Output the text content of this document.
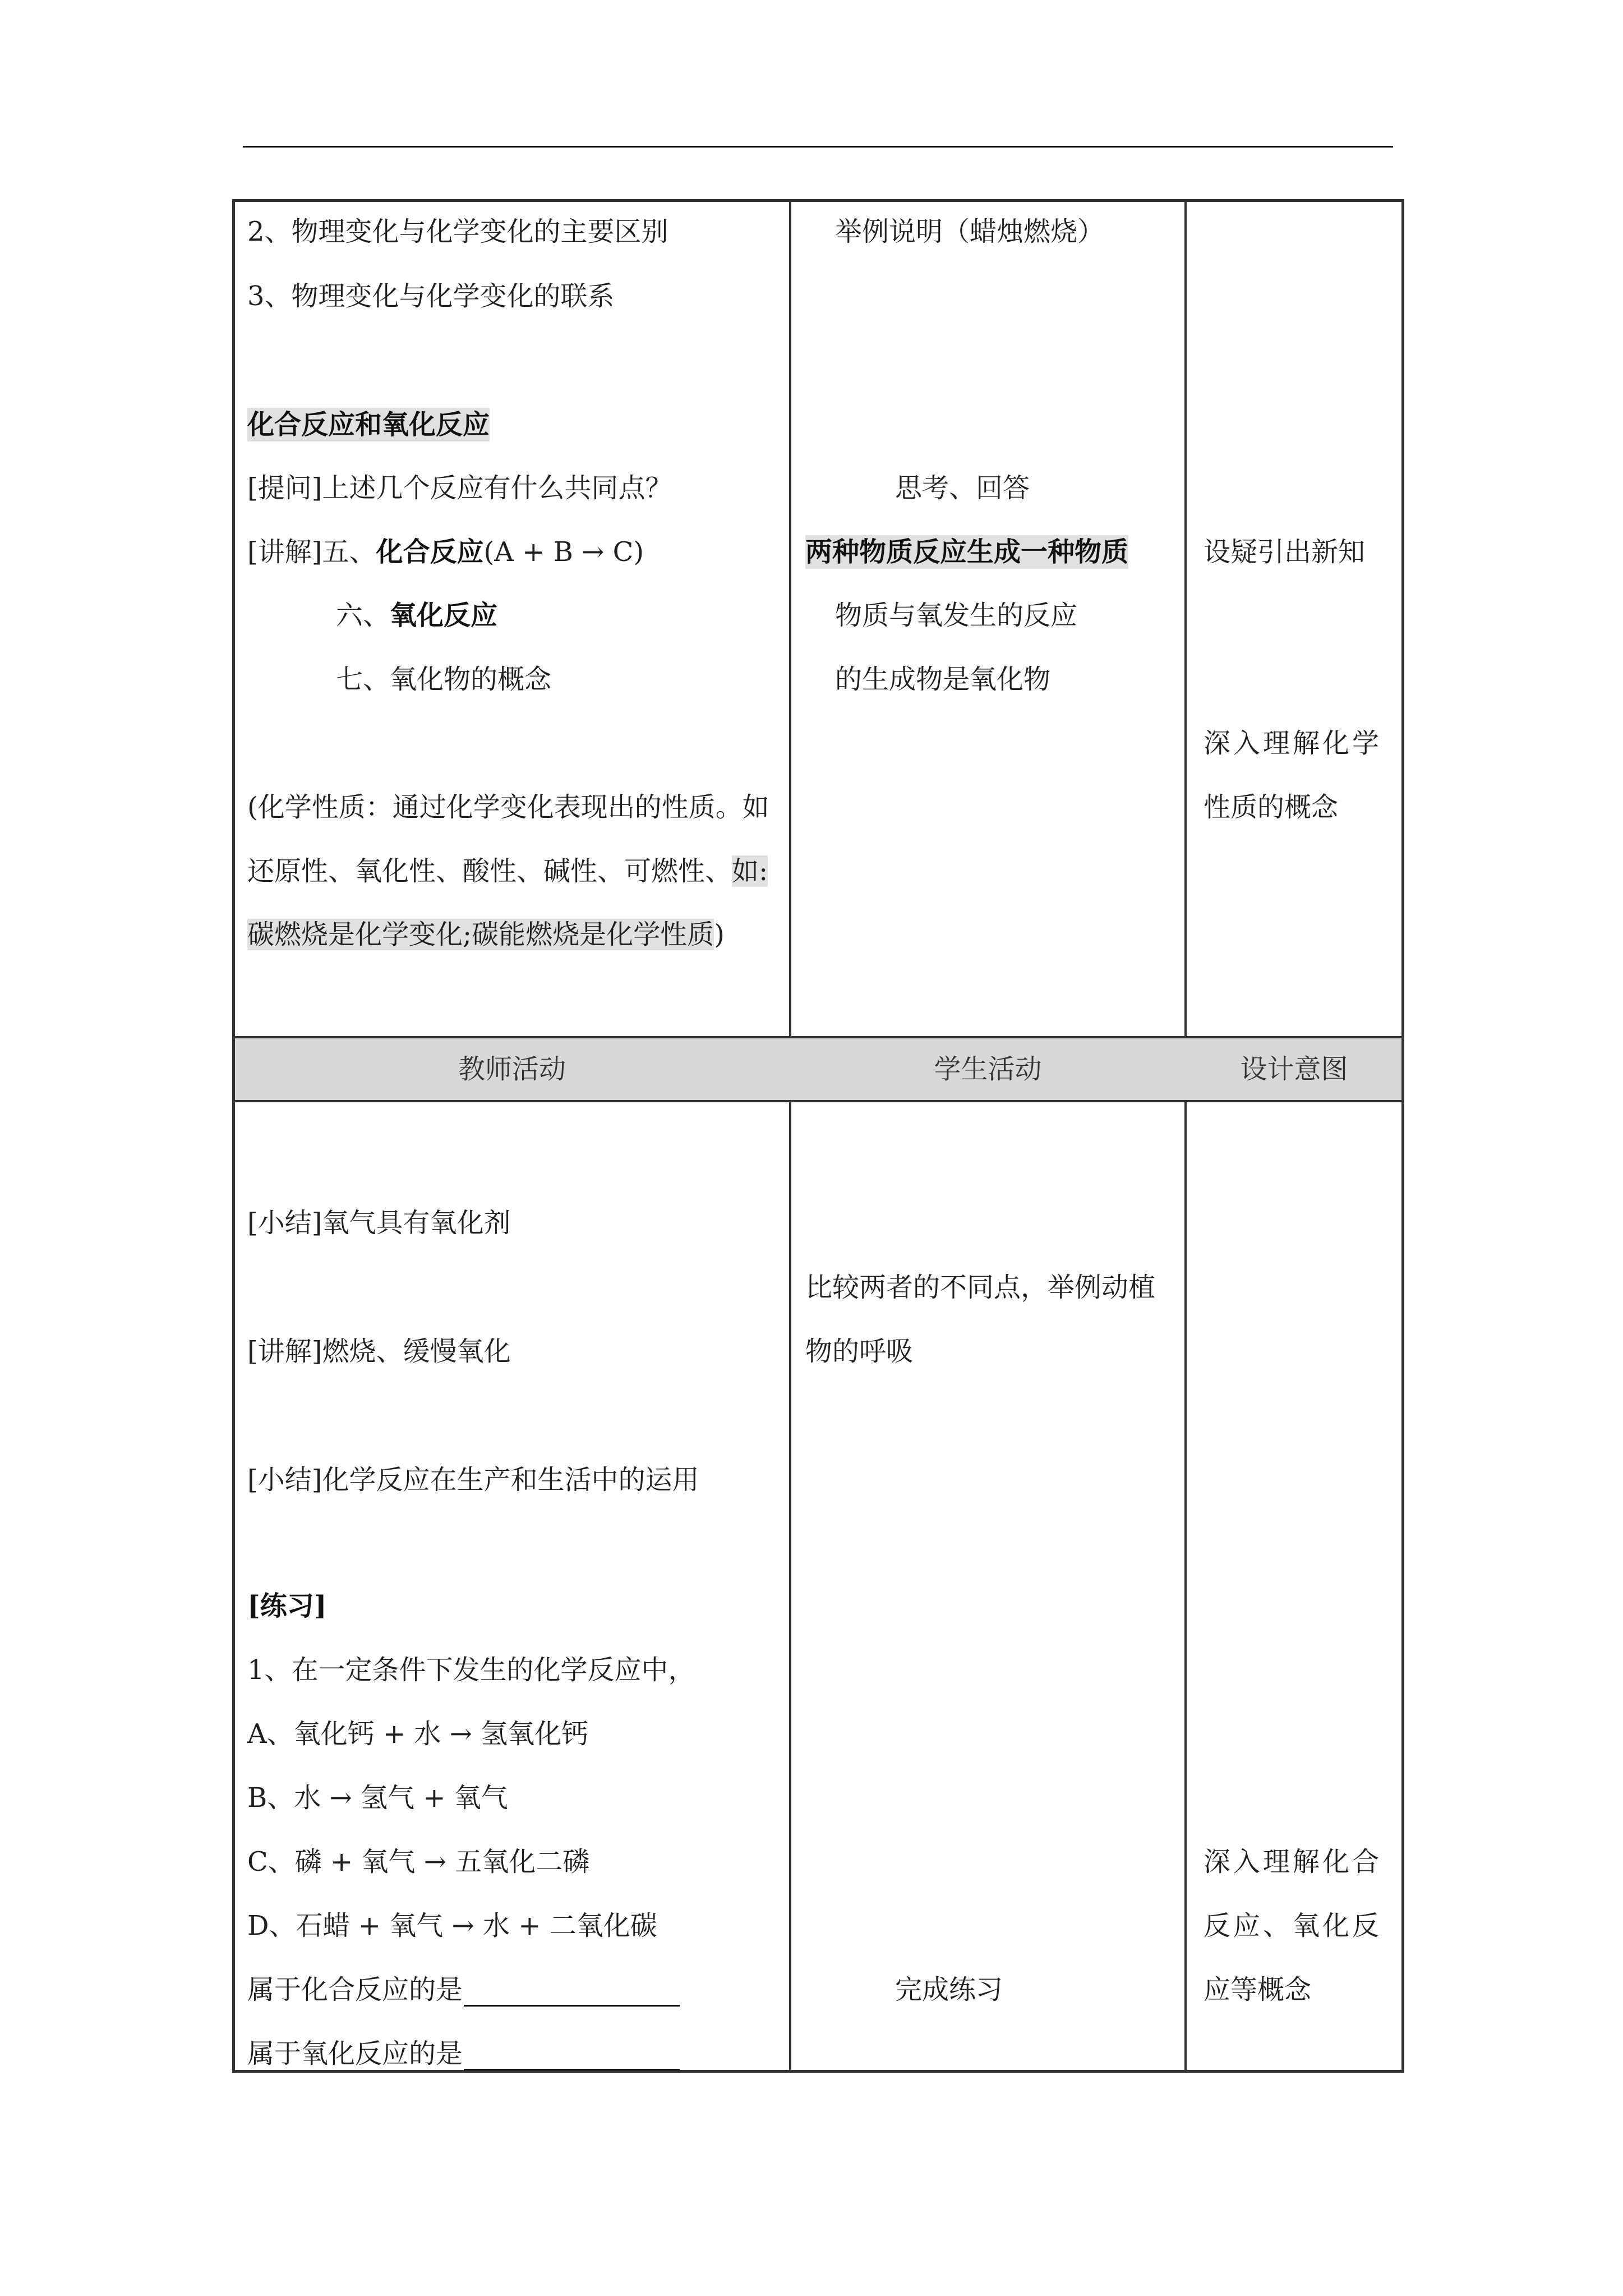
教师活动	学生活动	设计意图
2、物理变化与化学变化的主要区别
3、物理变化与化学变化的联系
化合反应和氧化反应
[提问]上述几个反应有什么共同点？
[讲解]五、化合反应(A + B → C)
六、氧化反应
七、氧化物的概念
(化学性质：通过化学变化表现出的性质。如
还原性、氧化性、酸性、碱性、可燃性、如:
碳燃烧是化学变化;碳能燃烧是化学性质)
举例说明（蜡烛燃烧）
思考、回答
两种物质反应生成一种物质
物质与氧发生的反应
的生成物是氧化物
设疑引出新知
深入理解化学
性质的概念
[小结]氧气具有氧化剂
[讲解]燃烧、缓慢氧化
[小结]化学反应在生产和生活中的运用
[练习]
1、在一定条件下发生的化学反应中，
A、氧化钙 + 水 → 氢氧化钙
B、水 → 氢气 + 氧气
C、磷 + 氧气 → 五氧化二磷
D、石蜡 + 氧气 → 水 + 二氧化碳
属于化合反应的是
属于氧化反应的是
比较两者的不同点，举例动植
物的呼吸
完成练习
深入理解化合
反应、氧化反
应等概念
